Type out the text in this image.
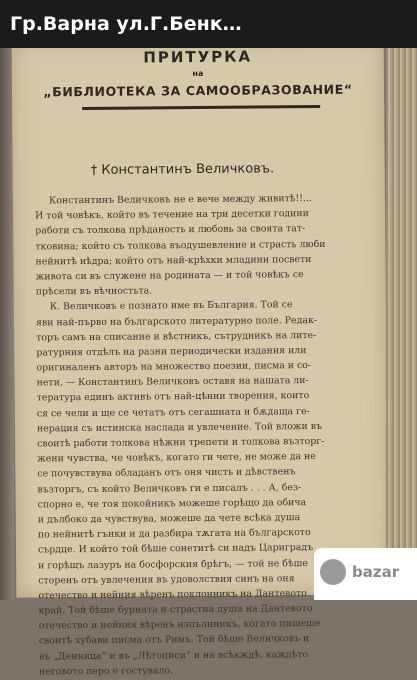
Гр.Варна ул.Г.Бенк…
ПРИТУРКА
на
„БИБЛИОТЕКА ЗА САМООБРАЗОВАНИЕ“
† Константинъ Величковъ.
Константинъ Величковъ не е вече между живитѣ!!...
И той човѣкъ, който въ течение на три десетки години
работи съ толкова прѣданость и любовь за своята тат-
тковина; който съ толкова въодушевление и страсть люби
нейнитѣ нѣдра; който отъ най-крѣхки младини посвети
живота си въ служене на родината — и той човѣкъ се
прѣсели въ вѣчностьта.
К. Величковъ е познато име въ България. Той се
яви най-първо на българското литературно поле. Редак-
торъ самъ на списание и вѣстникъ, сътрудникъ на лите-
ратурния отдѣлъ на разни периодически издания или
оригиналенъ авторъ на множество поезии, писма и со-
нети, — Константинъ Величковъ оставя на нашата ли-
тература единъ активъ отъ най-цѣнни творения, които
ся се чели и ще се четатъ отъ сегашната и бѫдаща ге-
нерация съ истинска наслада и увлечение. Той вложи въ
своитѣ работи толкова нѣжни трепети и толкова възторг-
жени чувства, че човѣкъ, когато ги чете, не може да не
се почувствува обладанъ отъ оня чисть и дѣвственъ
възторгъ, съ който Величковъ ги е писалъ . . . А, без-
спорно е, че тоя покойникъ можеше горѣщо да обича
и дълбоко да чувствува, можеше да чете всѣка душа
по нейнитѣ гънки и да разбира тѫгата на българското
сърдце. И който той бѣше сонетитѣ си надъ Цариградъ
и горѣщъ лазуръ на босфорския брѣгъ, — той не бѣше
сторенъ отъ увлечения въ удоволствия синъ на оня
отечество и нейния вѣренъ поклонникъ на Дантевото
край. Той бѣше бурната и страстна душа на Дантевото
отечество и нейния вѣренъ изпълнникъ, когато пишеше
своитѣ хубави писма отъ Римъ. Той бѣше Величковъ и
въ „Денница“ и въ „Лѣтописи“ и на всѣкждѣ, каждѣто
неговото перо е гостувало.
bazar
